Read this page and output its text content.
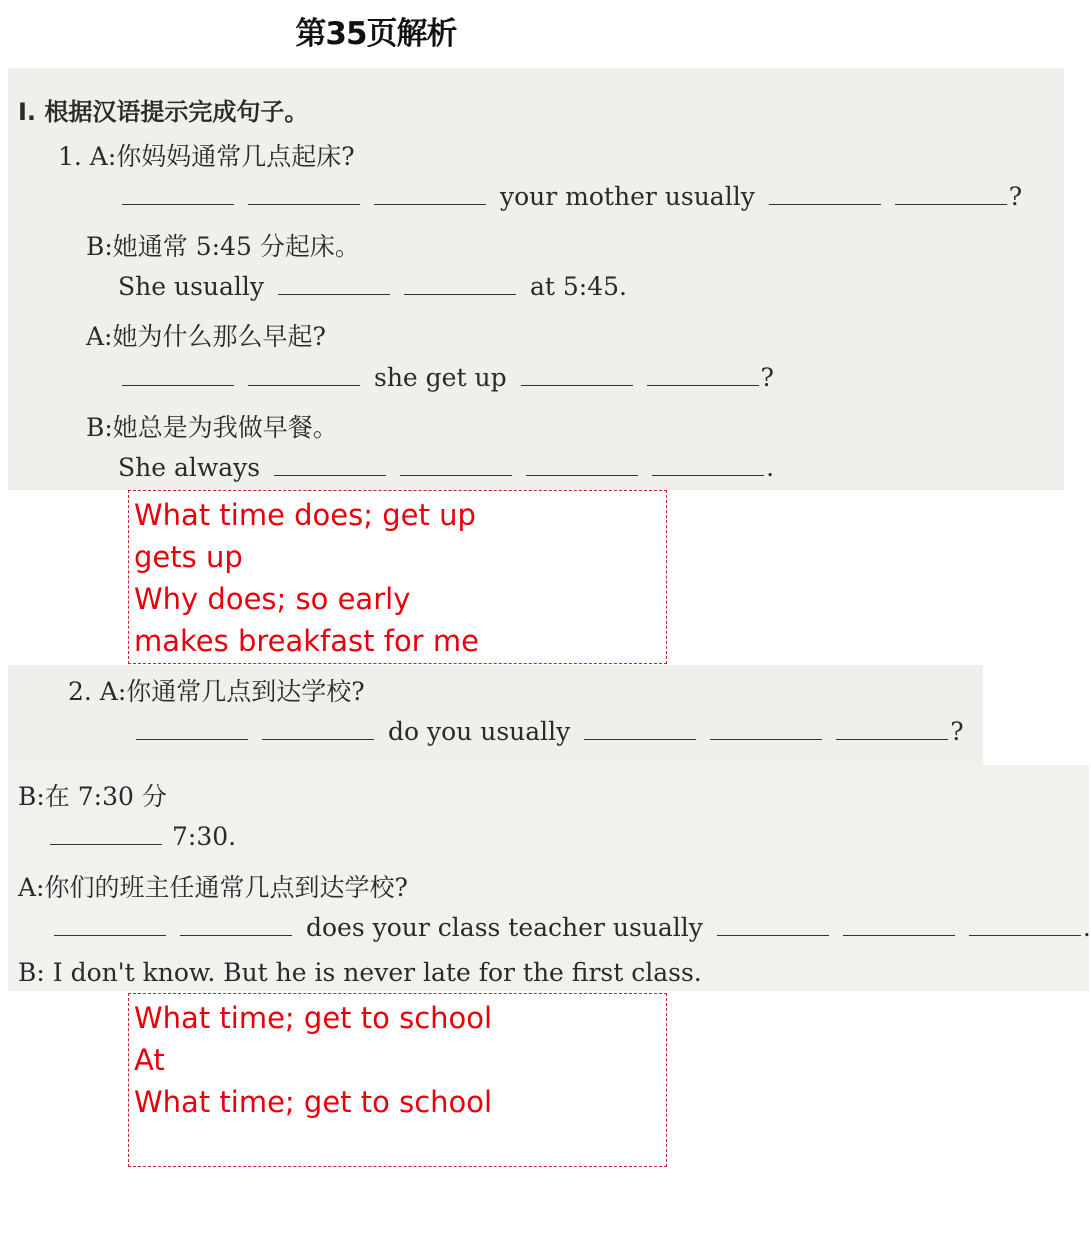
第35页解析
Ⅰ. 根据汉语提示完成句子。
1. A:你妈妈通常几点起床?
your mother usually	?
B:她通常 5:45 分起床。
She usually	at 5:45.
A:她为什么那么早起?
she get up	?
B:她总是为我做早餐。
She always	.
What time does; get up
gets up
Why does; so early
makes breakfast for me
2. A:你通常几点到达学校?
do you usually	?
B:在 7:30 分
7:30.
A:你们的班主任通常几点到达学校?
does your class teacher usually	.
B: I don't know. But he is never late for the first class.
What time; get to school
At
What time; get to school
